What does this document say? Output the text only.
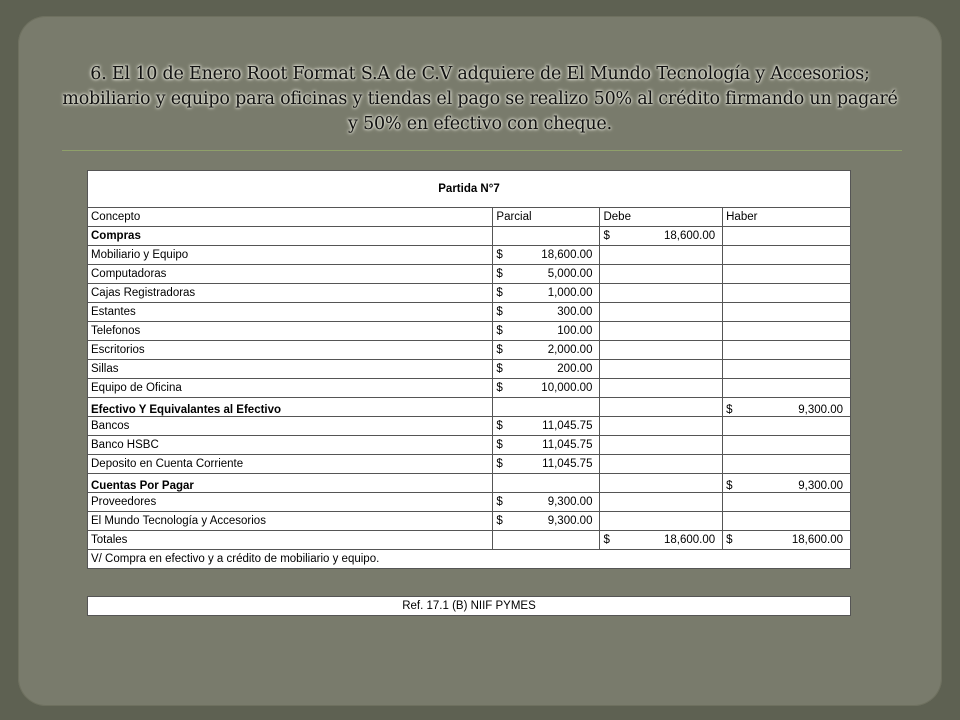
6. El 10 de Enero Root Format S.A de C.V adquiere de El Mundo Tecnología y Accesorios; mobiliario y equipo para oficinas y tiendas el pago se realizo 50% al crédito firmando un pagaré y 50% en efectivo con cheque.
Partida N°7			
Concepto	Parcial	Debe	Haber
Compras		$ 18,600.00	

Mobiliario y Equipo	$ 18,600.00		

Computadoras	$ 5,000.00		

Cajas Registradoras	$ 1,000.00		

Estantes	$ 300.00		

Telefonos	$ 100.00		

Escritorios	$ 2,000.00		

Sillas	$ 200.00		

Equipo de Oficina	$ 10,000.00		

Efectivo Y Equivalantes al Efectivo			$ 9,300.00

Bancos	$ 11,045.75		

Banco HSBC	$ 11,045.75		

Deposito en Cuenta Corriente	$ 11,045.75		

Cuentas Por Pagar			$ 9,300.00

Proveedores	$ 9,300.00		

El Mundo Tecnología y Accesorios	$ 9,300.00		

Totales		$ 18,600.00	$ 18,600.00

V/ Compra en efectivo y a crédito de mobiliario y equipo.			
Ref. 17.1 (B) NIIF PYMES
